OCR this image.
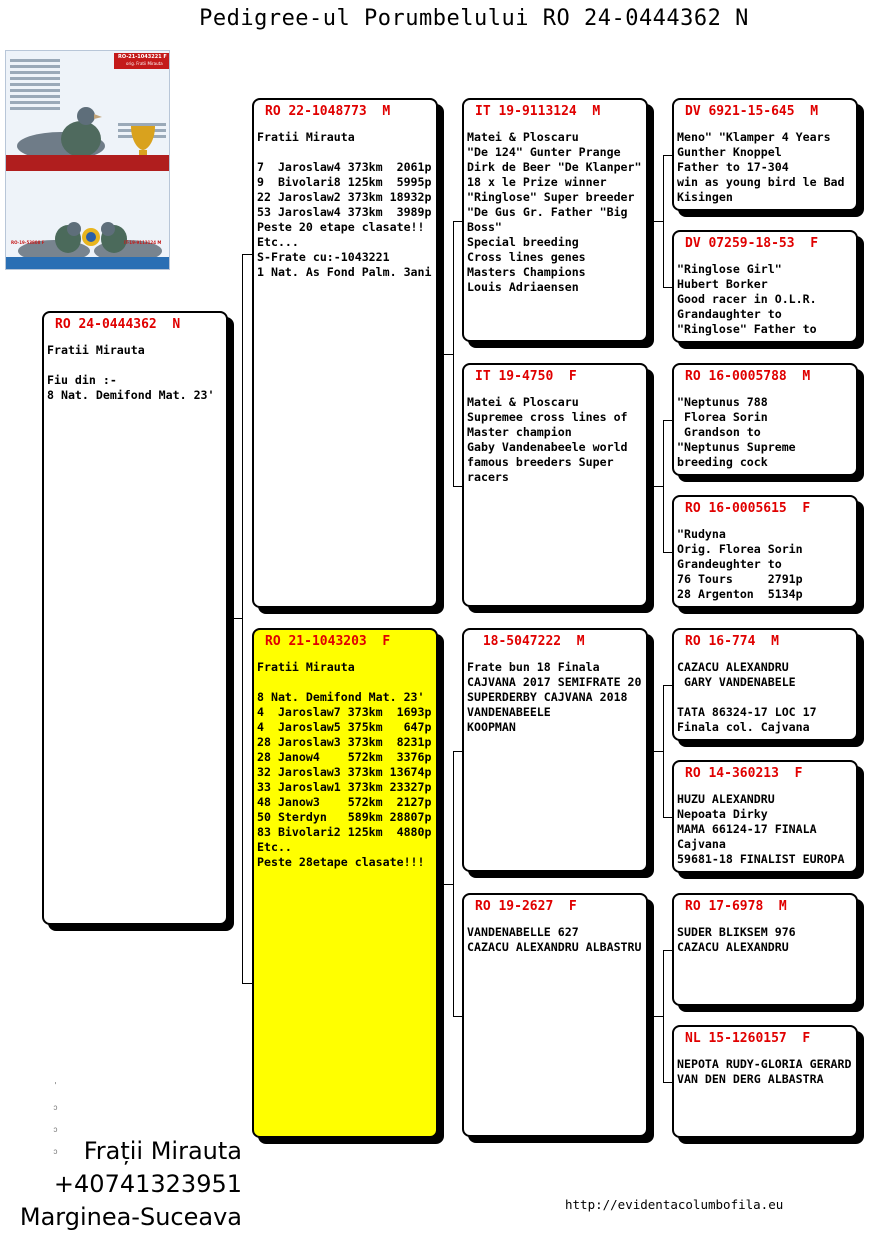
Pedigree-ul Porumbelului RO 24-0444362 N
RO-21-1043221 F
orig. Fratii Mirauta
RO-19-53808 F	IT-19-9113124 M
RO 24-0444362  N
Fratii Mirauta

Fiu din :-
8 Nat. Demifond Mat. 23'
RO 22-1048773  M
Fratii Mirauta

7  Jaroslaw4 373km  2061p
9  Bivolari8 125km  5995p
22 Jaroslaw2 373km 18932p
53 Jaroslaw4 373km  3989p
Peste 20 etape clasate!!
Etc...
S-Frate cu:-1043221
1 Nat. As Fond Palm. 3ani
RO 21-1043203  F
Fratii Mirauta

8 Nat. Demifond Mat. 23'
4  Jaroslaw7 373km  1693p
4  Jaroslaw5 375km   647p
28 Jaroslaw3 373km  8231p
28 Janow4    572km  3376p
32 Jaroslaw3 373km 13674p
33 Jaroslaw1 373km 23327p
48 Janow3    572km  2127p
50 Sterdyn   589km 28807p
83 Bivolari2 125km  4880p
Etc..
Peste 28etape clasate!!!
IT 19-9113124  M
Matei & Ploscaru
"De 124" Gunter Prange
Dirk de Beer "De Klanper"
18 x le Prize winner
"Ringlose" Super breeder
"De Gus Gr. Father "Big
Boss"
Special breeding
Cross lines genes
Masters Champions
Louis Adriaensen
IT 19-4750  F
Matei & Ploscaru
Supremee cross lines of
Master champion
Gaby Vandenabeele world
famous breeders Super
racers
18-5047222  M
Frate bun 18 Finala
CAJVANA 2017 SEMIFRATE 20
SUPERDERBY CAJVANA 2018
VANDENABEELE
KOOPMAN
RO 19-2627  F
VANDENABELLE 627
CAZACU ALEXANDRU ALBASTRU
DV 6921-15-645  M
Meno" "Klamper 4 Years
Gunther Knoppel
Father to 17-304
win as young bird le Bad
Kisingen
DV 07259-18-53  F
"Ringlose Girl"
Hubert Borker
Good racer in O.L.R.
Grandaughter to
"Ringlose" Father to
RO 16-0005788  M
"Neptunus 788
Florea Sorin
Grandson to
"Neptunus Supreme
breeding cock
RO 16-0005615  F
"Rudyna
Orig. Florea Sorin
Grandeughter to
76 Tours     2791p
28 Argenton  5134p
RO 16-774  M
CAZACU ALEXANDRU
GARY VANDENABELE

TATA 86324-17 LOC 17
Finala col. Cajvana
RO 14-360213  F
HUZU ALEXANDRU
Nepoata Dirky
MAMA 66124-17 FINALA
Cajvana
59681-18 FINALIST EUROPA
RO 17-6978  M
SUDER BLIKSEM 976
CAZACU ALEXANDRU
NL 15-1260157  F
NEPOTA RUDY-GLORIA GERARD
VAN DEN DERG ALBASTRA
'
ↄ
ↄ
ↄ Frații Mirauta
+40741323951
Marginea-Suceava	http://evidentacolumbofila.eu
